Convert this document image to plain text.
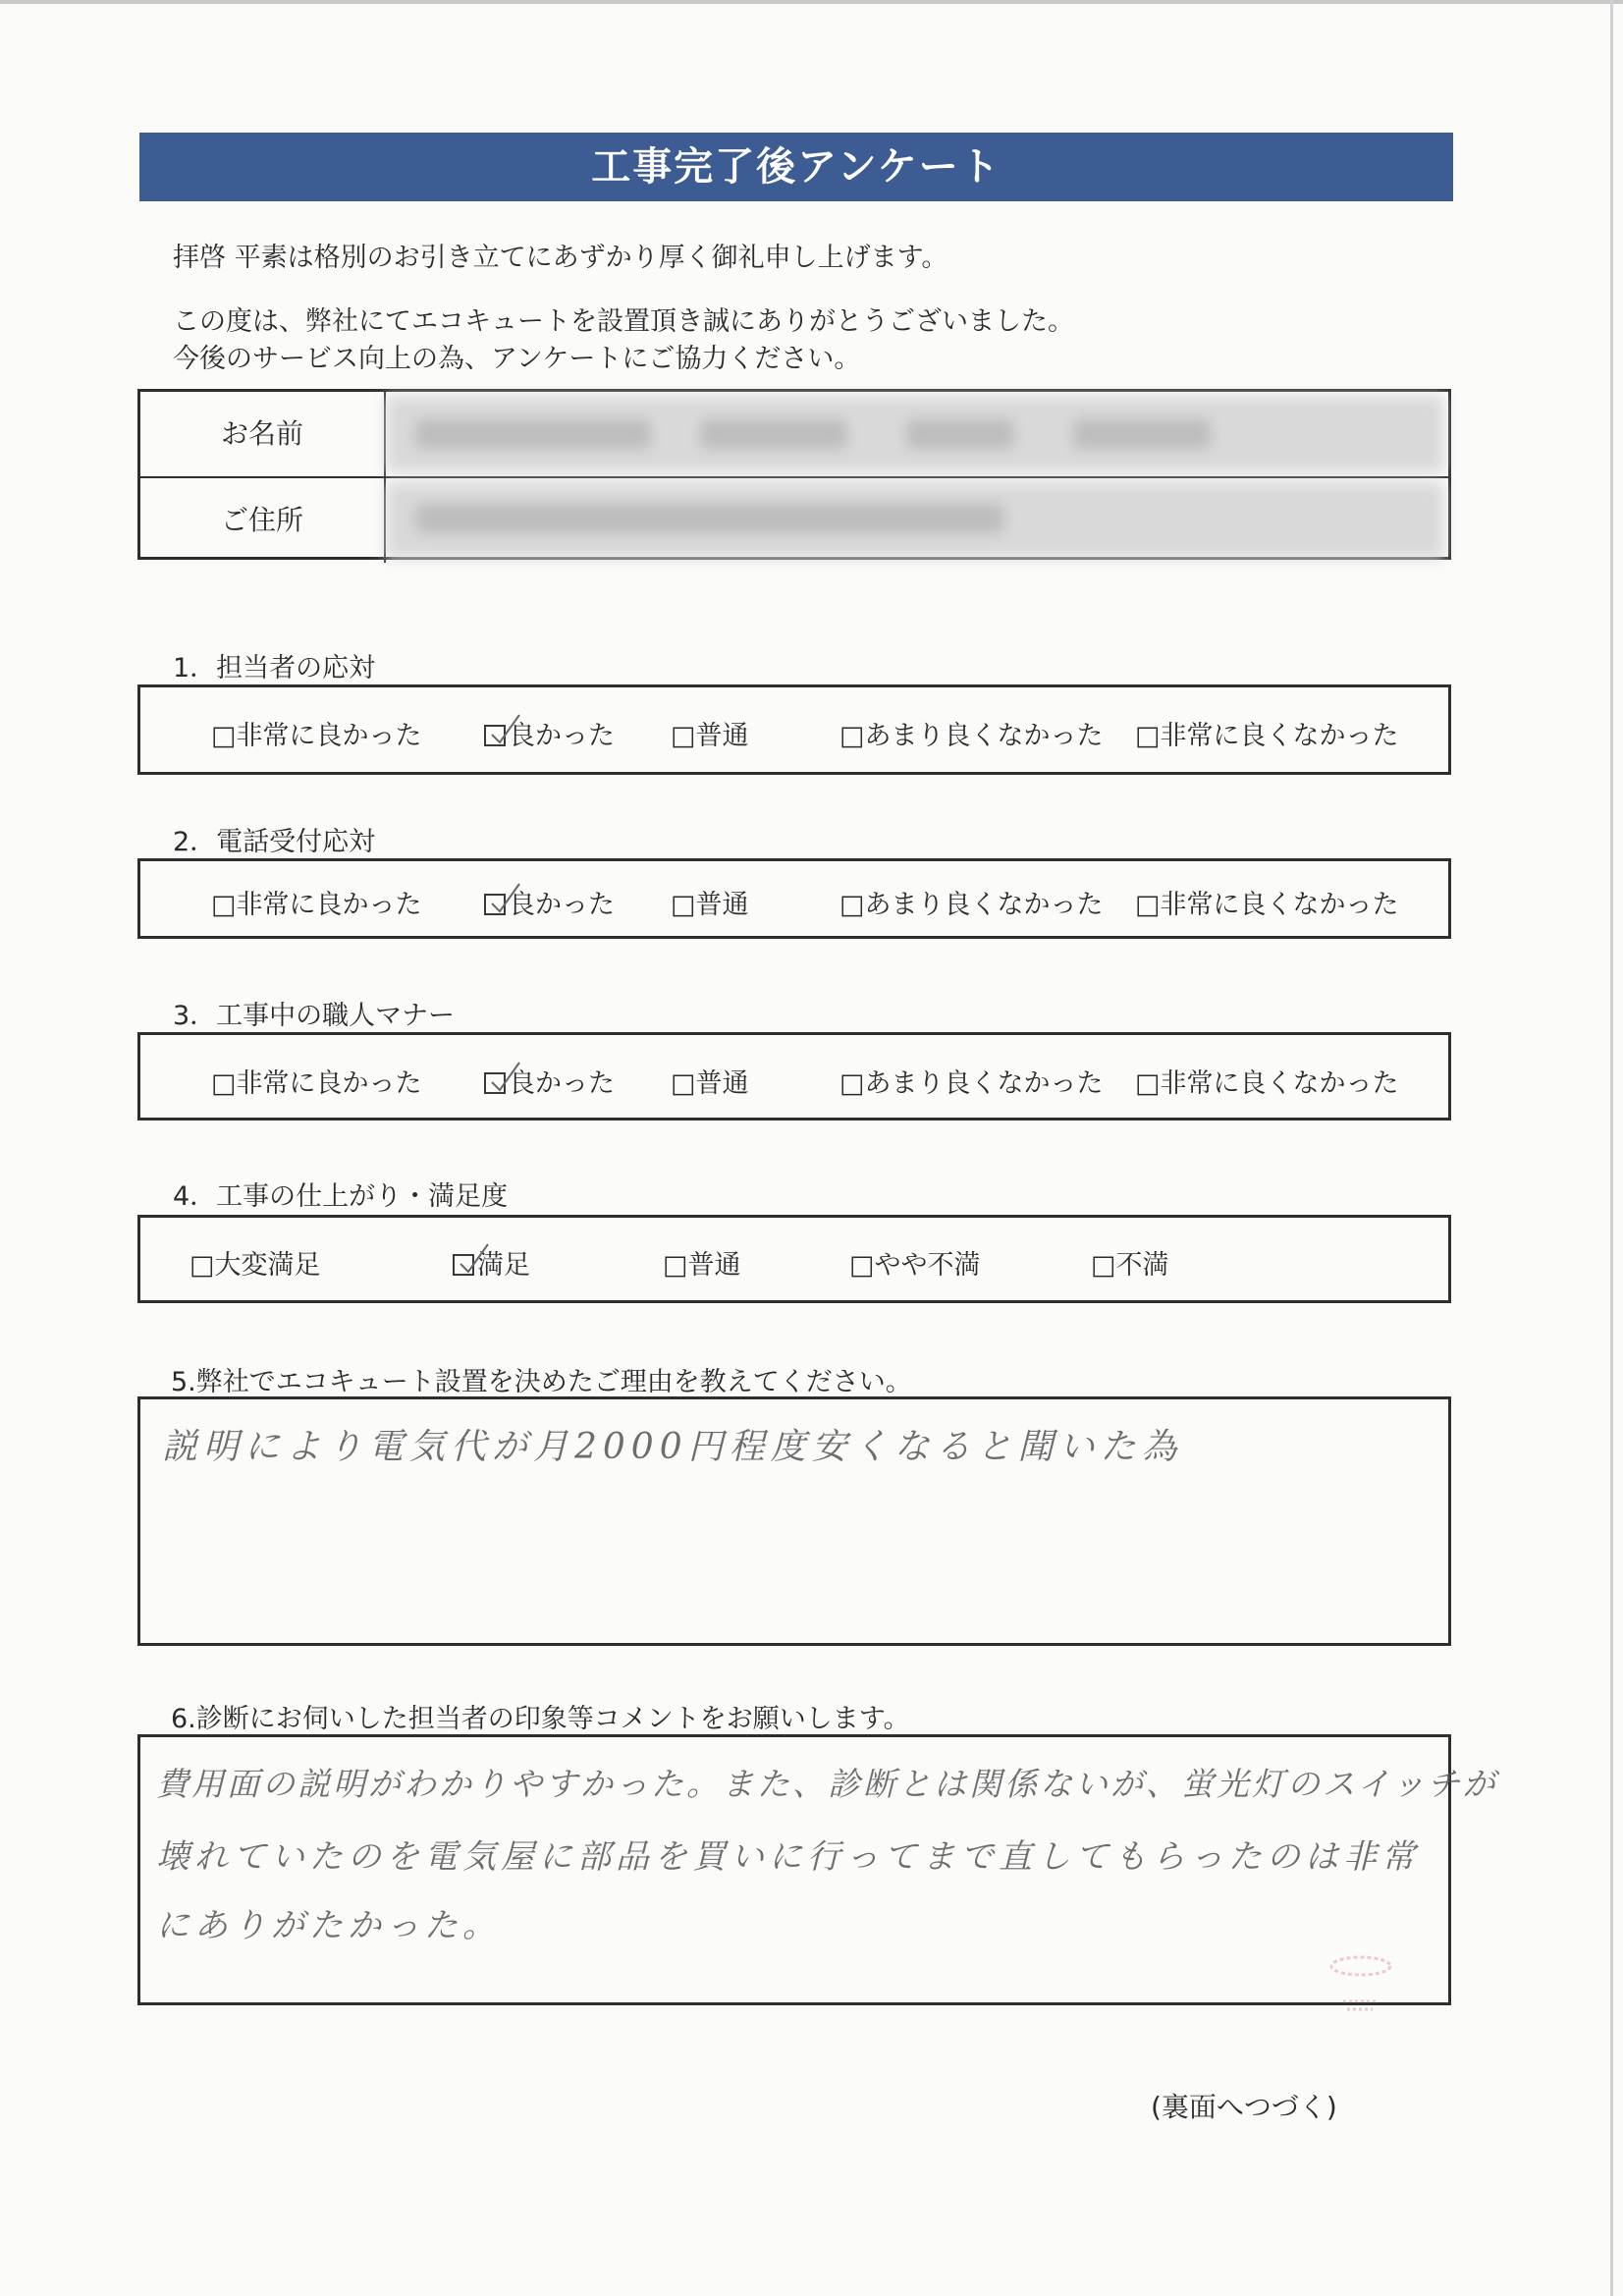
工事完了後アンケート
拝啓 平素は格別のお引き立てにあずかり厚く御礼申し上げます。
この度は、弊社にてエコキュートを設置頂き誠にありがとうございました。
今後のサービス向上の為、アンケートにご協力ください。
お名前
ご住所
1．担当者の応対
□非常に良かった	良かった □普通	□あまり良くなかった □非常に良くなかった
2．電話受付応対
□非常に良かった	良かった □普通	□あまり良くなかった □非常に良くなかった
3．工事中の職人マナー
□非常に良かった	良かった □普通	□あまり良くなかった □非常に良くなかった
4．工事の仕上がり・満足度
□大変満足	満足	□普通	□やや不満	□不満
5.弊社でエコキュート設置を決めたご理由を教えてください。
説明により電気代が月2000円程度安くなると聞いた為
6.診断にお伺いした担当者の印象等コメントをお願いします。
費用面の説明がわかりやすかった。また、診断とは関係ないが、蛍光灯のスイッチが
壊れていたのを電気屋に部品を買いに行ってまで直してもらったのは非常
にありがたかった。
(裏面へつづく)
